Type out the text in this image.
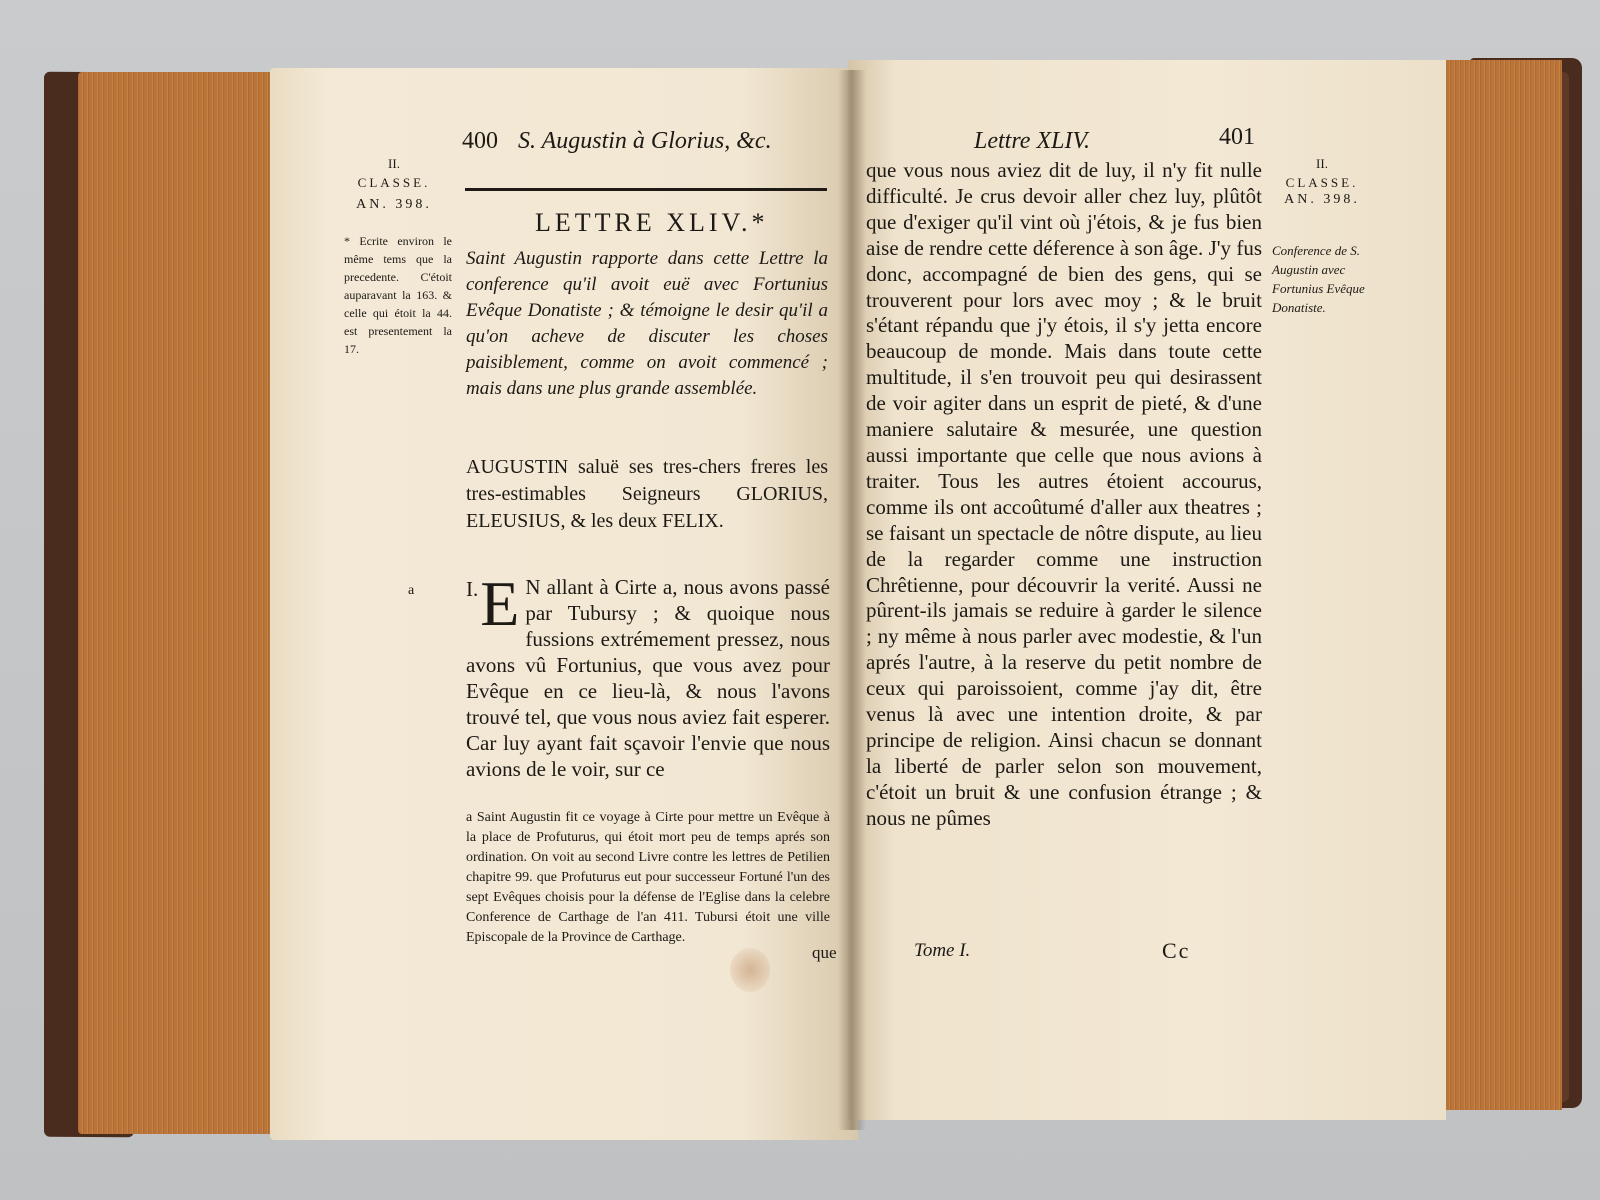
400 S. Augustin à Glorius, &c.
II.
CLASSE.
AN. 398.
* Ecrite environ le même tems que la precedente. C'étoit auparavant la 163. & celle qui étoit la 44. est presentement la 17.
a
LETTRE XLIV.*
Saint Augustin rapporte dans cette Lettre la conference qu'il avoit euë avec Fortunius Evêque Donatiste ; & témoigne le desir qu'il a qu'on acheve de discuter les choses paisiblement, comme on avoit commencé ; mais dans une plus grande assemblée.
AUGUSTIN saluë ses tres-chers freres les tres-estimables Seigneurs GLORIUS, ELEUSIUS, & les deux FELIX.
I. E N allant à Cirte a, nous avons passé par Tubursy ; & quoique nous fussions extrémement pressez, nous avons vû Fortunius, que vous avez pour Evêque en ce lieu-là, & nous l'avons trouvé tel, que vous nous aviez fait esperer. Car luy ayant fait sçavoir l'envie que nous avions de le voir, sur ce
a Saint Augustin fit ce voyage à Cirte pour mettre un Evêque à la place de Profuturus, qui étoit mort peu de temps aprés son ordination. On voit au second Livre contre les lettres de Petilien chapitre 99. que Profuturus eut pour successeur Fortuné l'un des sept Evêques choisis pour la défense de l'Eglise dans la celebre Conference de Carthage de l'an 411. Tubursi étoit une ville Episcopale de la Province de Carthage.
que
Lettre XLIV.	401
II.
CLASSE.
AN. 398.
Conference de S. Augustin avec Fortunius Evêque Donatiste.
que vous nous aviez dit de luy, il n'y fit nulle difficulté. Je crus devoir aller chez luy, plûtôt que d'exiger qu'il vint où j'étois, & je fus bien aise de rendre cette déference à son âge. J'y fus donc, accompagné de bien des gens, qui se trouverent pour lors avec moy ; & le bruit s'étant répandu que j'y étois, il s'y jetta encore beaucoup de monde. Mais dans toute cette multitude, il s'en trouvoit peu qui desirassent de voir agiter dans un esprit de pieté, & d'une maniere salutaire & mesurée, une question aussi importante que celle que nous avions à traiter. Tous les autres étoient accourus, comme ils ont accoûtumé d'aller aux theatres ; se faisant un spectacle de nôtre dispute, au lieu de la regarder comme une instruction Chrêtienne, pour découvrir la verité. Aussi ne pûrent-ils jamais se reduire à garder le silence ; ny même à nous parler avec modestie, & l'un aprés l'autre, à la reserve du petit nombre de ceux qui paroissoient, comme j'ay dit, être venus là avec une intention droite, & par principe de religion. Ainsi chacun se donnant la liberté de parler selon son mouvement, c'étoit un bruit & une confusion étrange ; & nous ne pûmes
Tome I.	Cc
